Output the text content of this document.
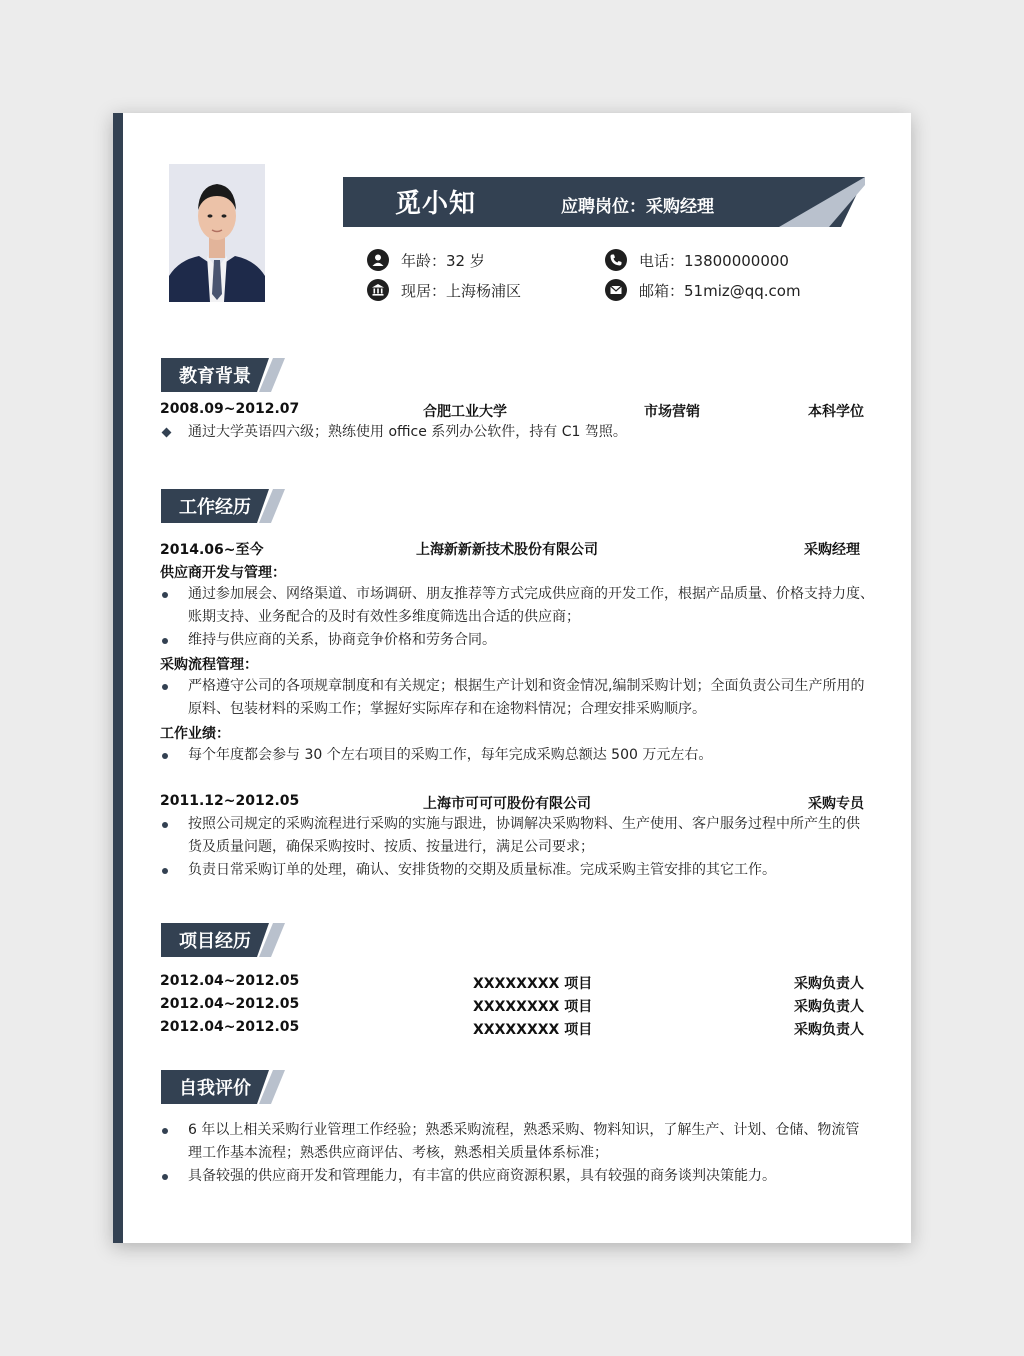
觅小知	应聘岗位：采购经理
年龄：32 岁
现居：上海杨浦区
电话：13800000000
邮箱：51miz@qq.com
教育背景
2008.09~2012.07	合肥工业大学	市场营销	本科学位
通过大学英语四六级；熟练使用 office 系列办公软件，持有 C1 驾照。
工作经历
2014.06~至今	上海新新新技术股份有限公司	采购经理
供应商开发与管理：
通过参加展会、网络渠道、市场调研、朋友推荐等方式完成供应商的开发工作，根据产品质量、价格支持力度、
账期支持、业务配合的及时有效性多维度筛选出合适的供应商；
维持与供应商的关系，协商竞争价格和劳务合同。
采购流程管理：
严格遵守公司的各项规章制度和有关规定；根据生产计划和资金情况,编制采购计划；全面负责公司生产所用的
原料、包装材料的采购工作；掌握好实际库存和在途物料情况；合理安排采购顺序。
工作业绩：
每个年度都会参与 30 个左右项目的采购工作，每年完成采购总额达 500 万元左右。
2011.12~2012.05	上海市可可可股份有限公司	采购专员
按照公司规定的采购流程进行采购的实施与跟进，协调解决采购物料、生产使用、客户服务过程中所产生的供
货及质量问题，确保采购按时、按质、按量进行，满足公司要求；
负责日常采购订单的处理，确认、安排货物的交期及质量标准。完成采购主管安排的其它工作。
项目经历
2012.04~2012.05	XXXXXXXX 项目	采购负责人
2012.04~2012.05	XXXXXXXX 项目	采购负责人
2012.04~2012.05	XXXXXXXX 项目	采购负责人
自我评价
6 年以上相关采购行业管理工作经验；熟悉采购流程，熟悉采购、物料知识，了解生产、计划、仓储、物流管
理工作基本流程；熟悉供应商评估、考核，熟悉相关质量体系标准；
具备较强的供应商开发和管理能力，有丰富的供应商资源积累，具有较强的商务谈判决策能力。
